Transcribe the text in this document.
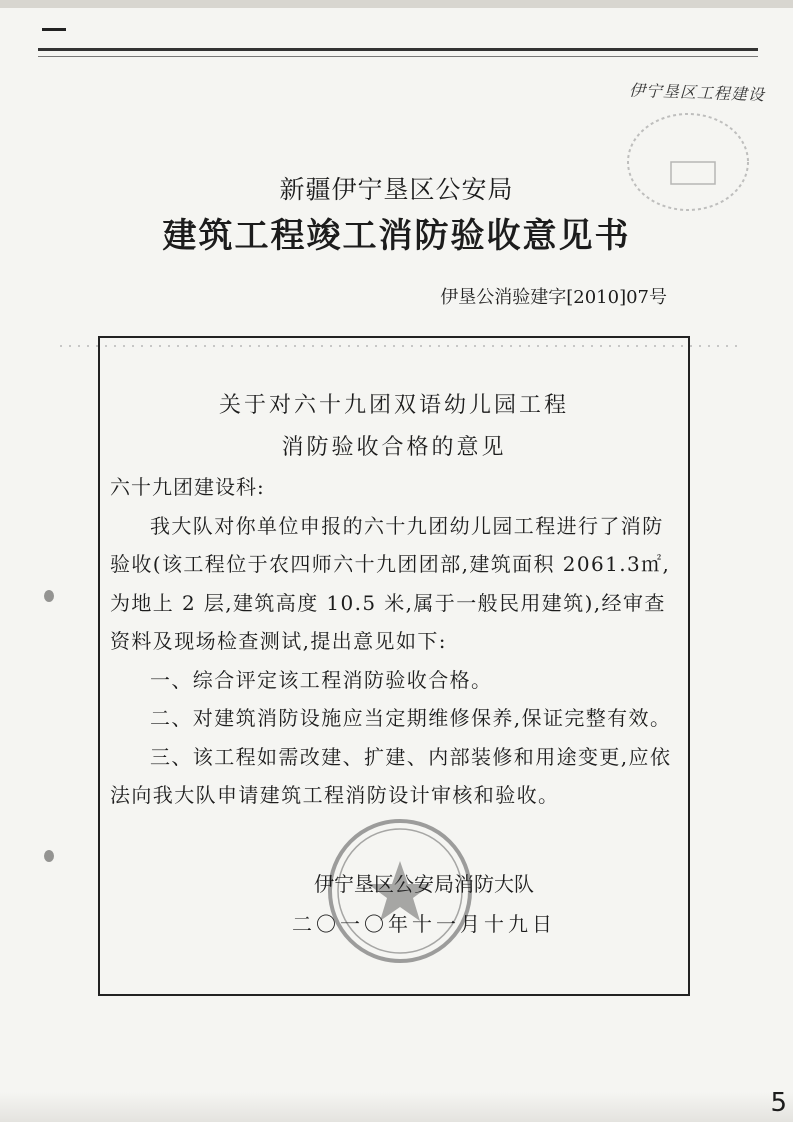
伊宁垦区工程建设
新疆伊宁垦区公安局
建筑工程竣工消防验收意见书
伊垦公消验建字[2010]07号
关于对六十九团双语幼儿园工程
消防验收合格的意见

六十九团建设科:

我大队对你单位申报的六十九团幼儿园工程进行了消防验收(该工程位于农四师六十九团团部,建筑面积 2061.3㎡,为地上 2 层,建筑高度 10.5 米,属于一般民用建筑),经审查资料及现场检查测试,提出意见如下:

一、综合评定该工程消防验收合格。

二、对建筑消防设施应当定期维修保养,保证完整有效。

三、该工程如需改建、扩建、内部装修和用途变更,应依法向我大队申请建筑工程消防设计审核和验收。

伊宁垦区公安局消防大队
二〇一〇年十一月十九日
5
